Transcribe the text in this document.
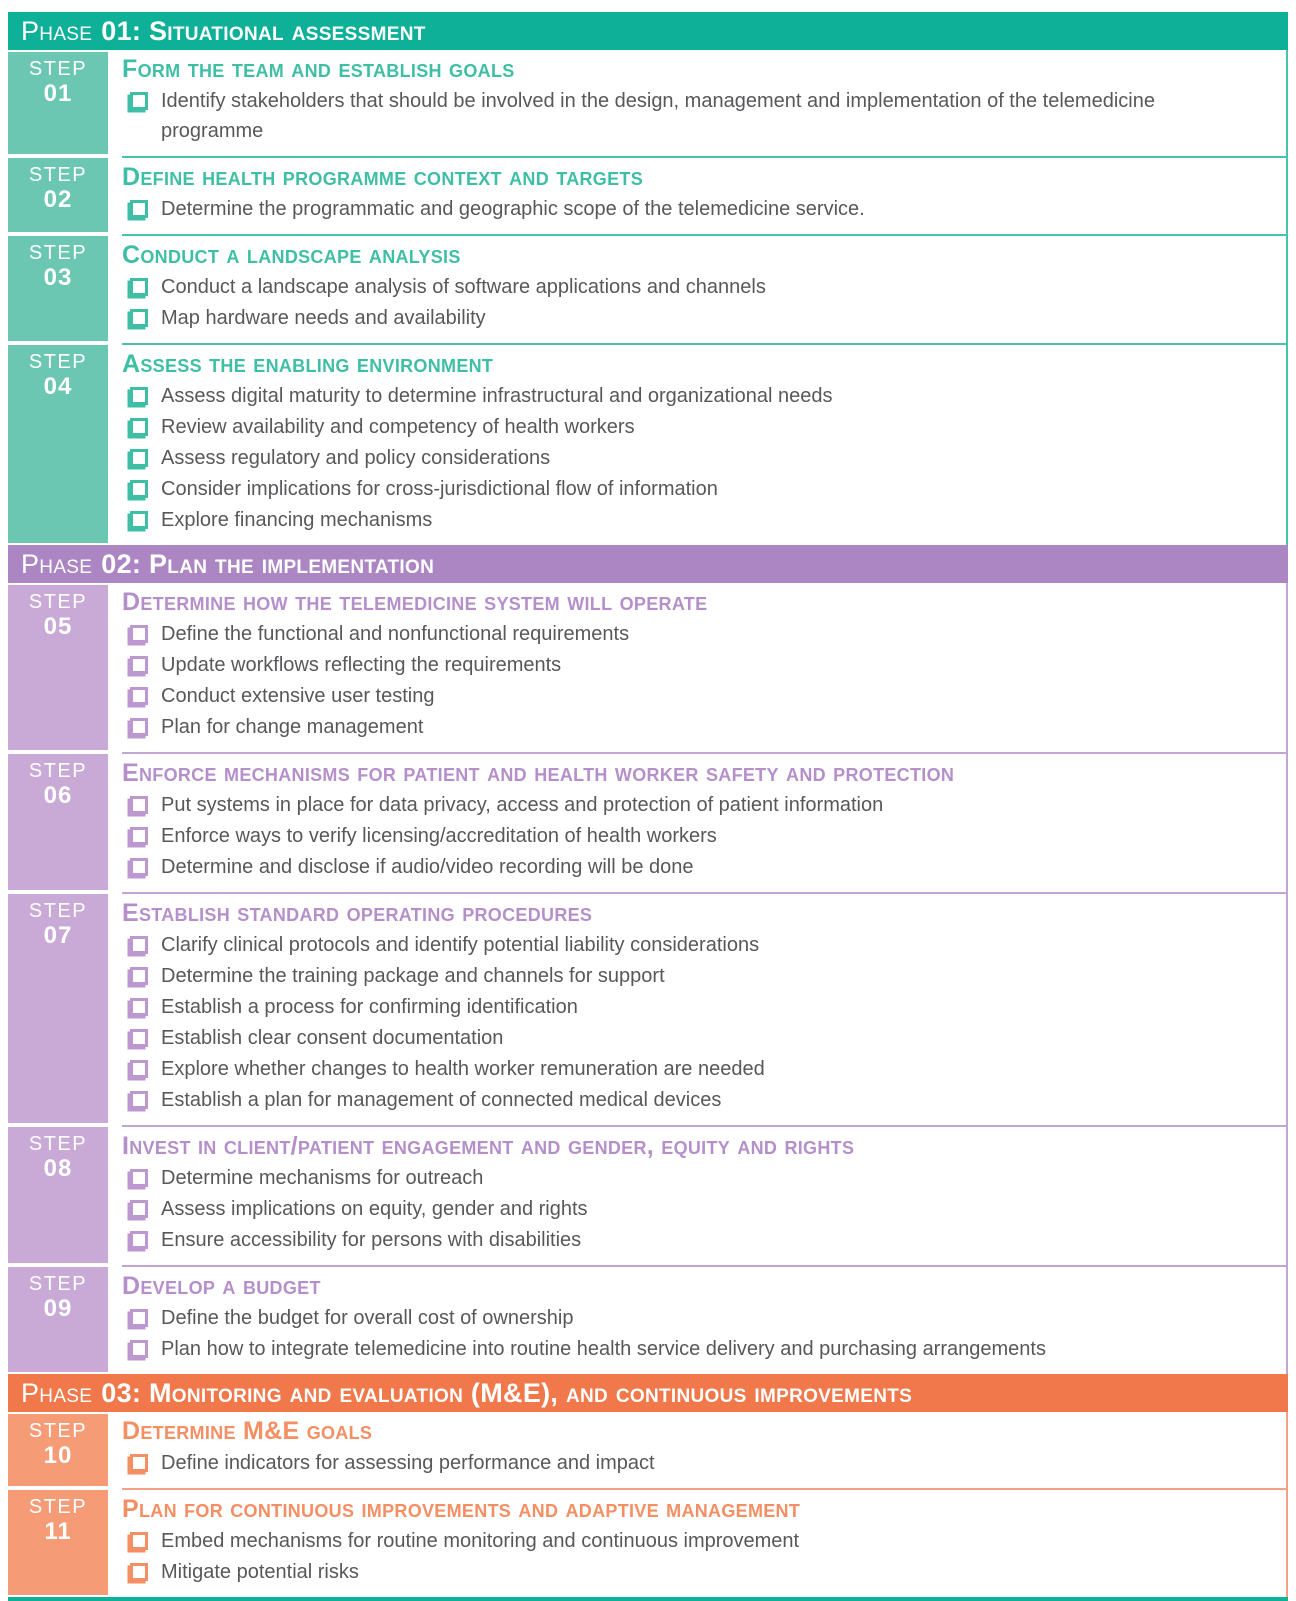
Phase 01: Situational assessment
STEP
01
Form the team and establish goals
Identify stakeholders that should be involved in the design, management and implementation of the telemedicine programme
STEP
02
Define health programme context and targets
Determine the programmatic and geographic scope of the telemedicine service.
STEP
03
Conduct a landscape analysis
Conduct a landscape analysis of software applications and channels
Map hardware needs and availability
STEP
04
Assess the enabling environment
Assess digital maturity to determine infrastructural and organizational needs
Review availability and competency of health workers
Assess regulatory and policy considerations
Consider implications for cross-jurisdictional flow of information
Explore financing mechanisms
Phase 02: Plan the implementation
STEP
05
Determine how the telemedicine system will operate
Define the functional and nonfunctional requirements
Update workflows reflecting the requirements
Conduct extensive user testing
Plan for change management
STEP
06
Enforce mechanisms for patient and health worker safety and protection
Put systems in place for data privacy, access and protection of patient information
Enforce ways to verify licensing/accreditation of health workers
Determine and disclose if audio/video recording will be done
STEP
07
Establish standard operating procedures
Clarify clinical protocols and identify potential liability considerations
Determine the training package and channels for support
Establish a process for confirming identification
Establish clear consent documentation
Explore whether changes to health worker remuneration are needed
Establish a plan for management of connected medical devices
STEP
08
Invest in client/patient engagement and gender, equity and rights
Determine mechanisms for outreach
Assess implications on equity, gender and rights
Ensure accessibility for persons with disabilities
STEP
09
Develop a budget
Define the budget for overall cost of ownership
Plan how to integrate telemedicine into routine health service delivery and purchasing arrangements
Phase 03: Monitoring and evaluation (M&E), and continuous improvements
STEP
10
Determine M&E goals
Define indicators for assessing performance and impact
STEP
11
Plan for continuous improvements and adaptive management
Embed mechanisms for routine monitoring and continuous improvement
Mitigate potential risks
